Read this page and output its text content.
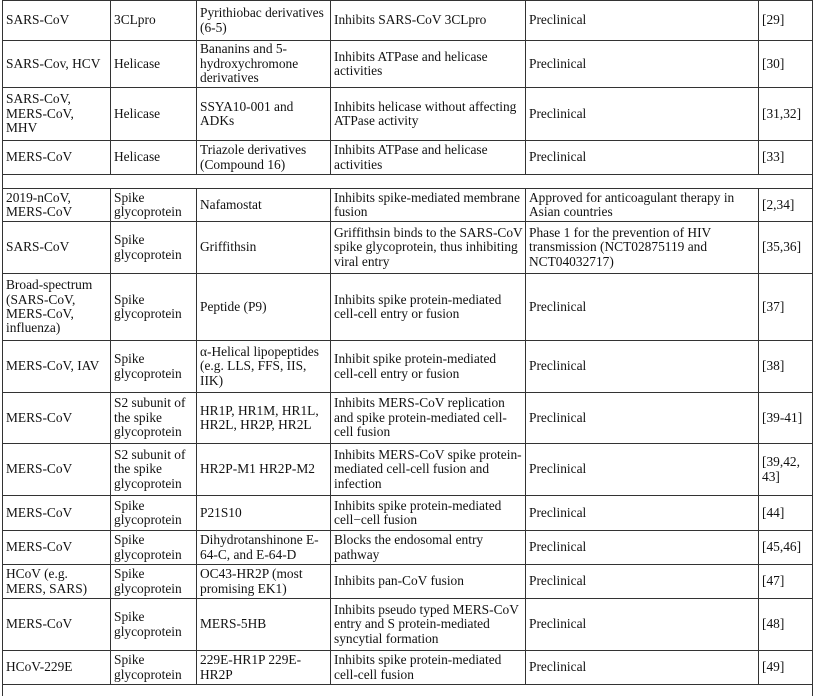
SARS-CoV	3CLpro	Pyrithiobac derivatives (6-5)	Inhibits SARS-CoV 3CLpro	Preclinical	[29]
SARS-Cov, HCV	Helicase	Bananins and 5-hydroxychromone derivatives	Inhibits ATPase and helicase activities	Preclinical	[30]
SARS-CoV, MERS-CoV, MHV	Helicase	SSYA10-001 and ADKs	Inhibits helicase without affecting ATPase activity	Preclinical	[31,32]
MERS-CoV	Helicase	Triazole derivatives (Compound 16)	Inhibits ATPase and helicase activities	Preclinical	[33]

2019-nCoV, MERS-CoV	Spike glycoprotein	Nafamostat	Inhibits spike-mediated membrane fusion	Approved for anticoagulant therapy in Asian countries	[2,34]
SARS-CoV	Spike glycoprotein	Griffithsin	Griffithsin binds to the SARS-CoV spike glycoprotein, thus inhibiting viral entry	Phase 1 for the prevention of HIV transmission (NCT02875119 and NCT04032717)	[35,36]
Broad-spectrum (SARS-CoV, MERS-CoV, influenza)	Spike glycoprotein	Peptide (P9)	Inhibits spike protein-mediated cell-cell entry or fusion	Preclinical	[37]
MERS-CoV, IAV	Spike glycoprotein	α-Helical lipopeptides (e.g. LLS, FFS, IIS, IIK)	Inhibit spike protein-mediated cell-cell entry or fusion	Preclinical	[38]
MERS-CoV	S2 subunit of the spike glycoprotein	HR1P, HR1M, HR1L, HR2L, HR2P, HR2L	Inhibits MERS-CoV replication and spike protein-mediated cell-cell fusion	Preclinical	[39-41]
MERS-CoV	S2 subunit of the spike glycoprotein	HR2P-M1 HR2P-M2	Inhibits MERS-CoV spike protein-mediated cell-cell fusion and infection	Preclinical	[39,42, 43]
MERS-CoV	Spike glycoprotein	P21S10	Inhibits spike protein-mediated cell−cell fusion	Preclinical	[44]
MERS-CoV	Spike glycoprotein	Dihydrotanshinone E-64-C, and E-64-D	Blocks the endosomal entry pathway	Preclinical	[45,46]
HCoV (e.g. MERS, SARS)	Spike glycoprotein	OC43-HR2P (most promising EK1)	Inhibits pan-CoV fusion	Preclinical	[47]
MERS-CoV	Spike glycoprotein	MERS-5HB	Inhibits pseudo typed MERS-CoV entry and S protein-mediated syncytial formation	Preclinical	[48]
HCoV-229E	Spike glycoprotein	229E-HR1P 229E-HR2P	Inhibits spike protein-mediated cell-cell fusion	Preclinical	[49]
